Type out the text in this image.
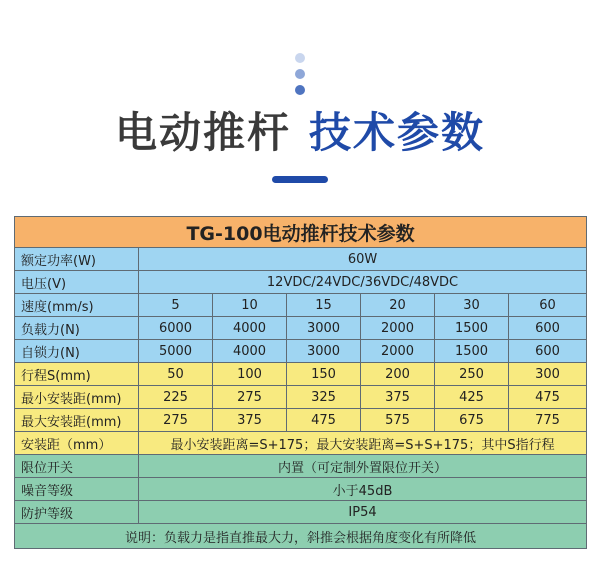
电动推杆 技术参数
TG-100电动推杆技术参数						
额定功率(W)	60W					
电压(V)	12VDC/24VDC/36VDC/48VDC					
速度(mm/s)	5	10	15	20	30	60
负载力(N)	6000	4000	3000	2000	1500	600
自锁力(N)	5000	4000	3000	2000	1500	600
行程S(mm)	50	100	150	200	250	300
最小安装距(mm)	225	275	325	375	425	475
最大安装距(mm)	275	375	475	575	675	775
安装距（mm）	最小安装距离=S+175；最大安装距离=S+S+175；其中S指行程					
限位开关	内置（可定制外置限位开关）					
噪音等级	小于45dB					
防护等级	IP54					
说明：负载力是指直推最大力，斜推会根据角度变化有所降低						
